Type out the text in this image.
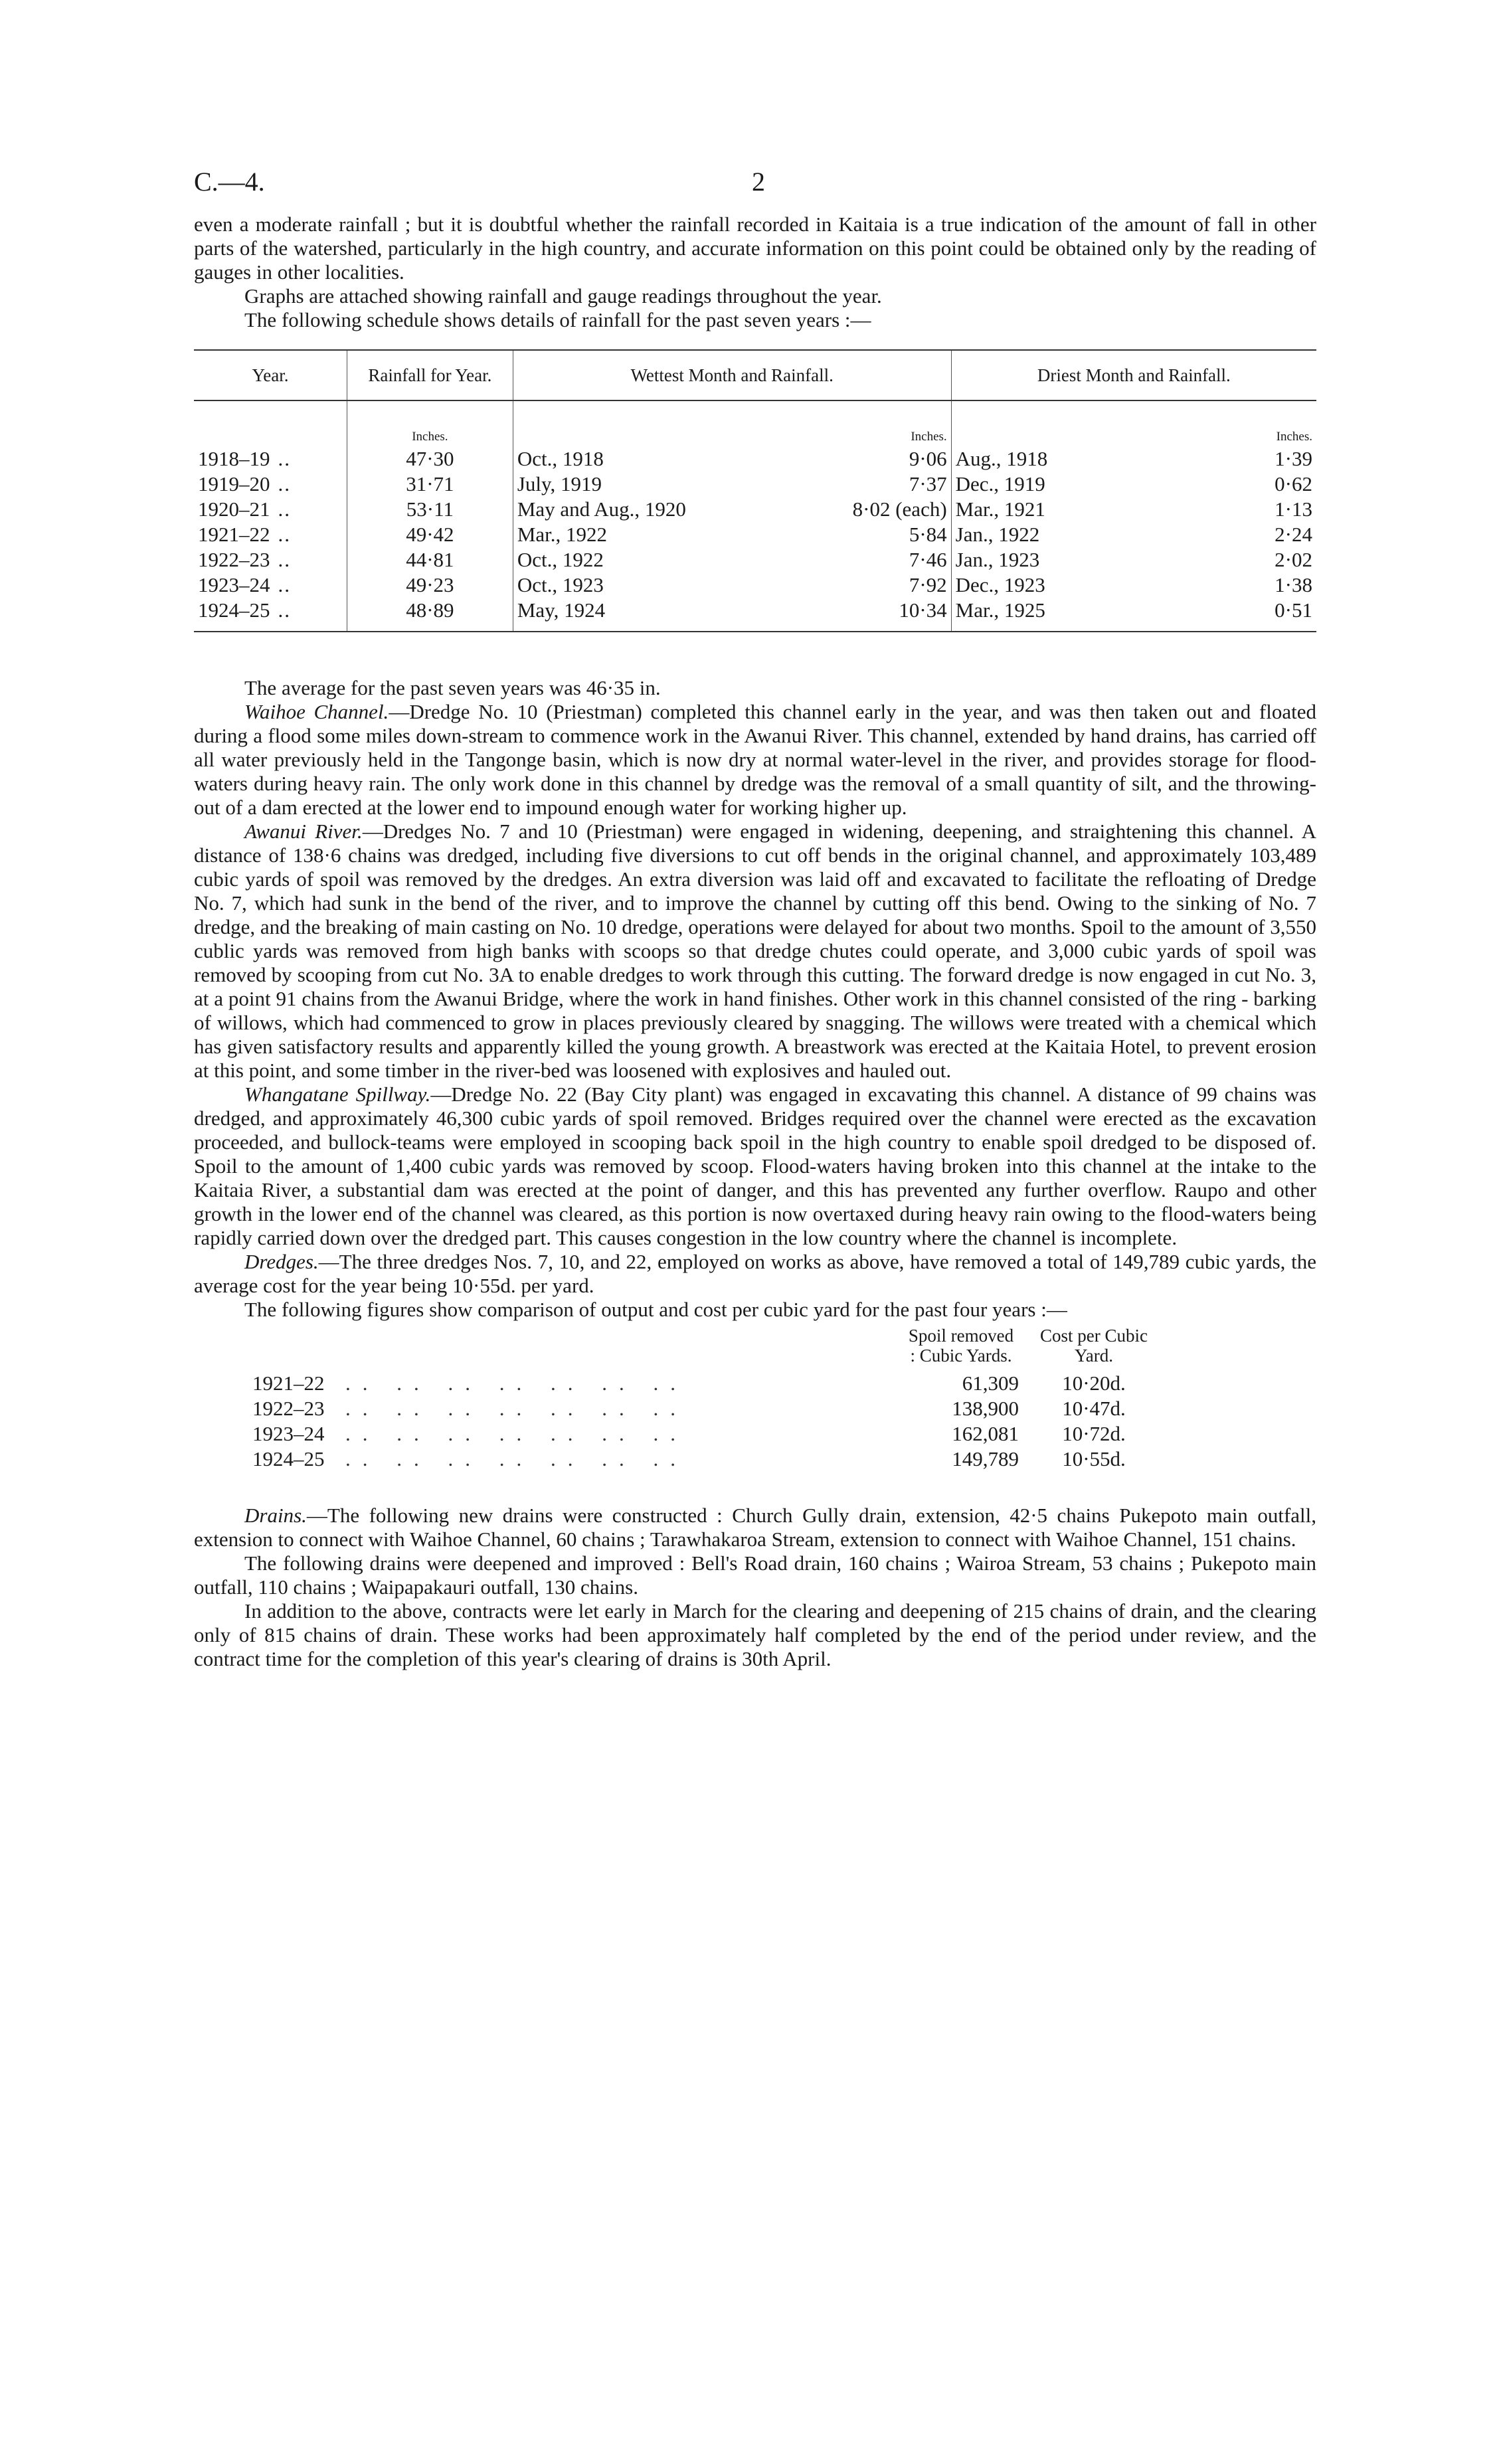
C.—4.	2

even a moderate rainfall ; but it is doubtful whether the rainfall recorded in Kaitaia is a true indication of the amount of fall in other parts of the watershed, particularly in the high country, and accurate information on this point could be obtained only by the reading of gauges in other localities.

Graphs are attached showing rainfall and gauge readings throughout the year.

The following schedule shows details of rainfall for the past seven years :—

Year.		Rainfall for Year.	Wettest Month and Rainfall.		Driest Month and Rainfall.	
		Inches.		Inches.		Inches.
1918–19	..	47·30	Oct., 1918	9·06	Aug., 1918	1·39
1919–20	..	31·71	July, 1919	7·37	Dec., 1919	0·62
1920–21	..	53·11	May and Aug., 1920	8·02 (each)	Mar., 1921	1·13
1921–22	..	49·42	Mar., 1922	5·84	Jan., 1922	2·24
1922–23	..	44·81	Oct., 1922	7·46	Jan., 1923	2·02
1923–24	..	49·23	Oct., 1923	7·92	Dec., 1923	1·38
1924–25	..	48·89	May, 1924	10·34	Mar., 1925	0·51

The average for the past seven years was 46·35 in.

Waihoe Channel.—Dredge No. 10 (Priestman) completed this channel early in the year, and was then taken out and floated during a flood some miles down-stream to commence work in the Awanui River. This channel, extended by hand drains, has carried off all water previously held in the Tangonge basin, which is now dry at normal water-level in the river, and provides storage for flood-waters during heavy rain. The only work done in this channel by dredge was the removal of a small quantity of silt, and the throwing-out of a dam erected at the lower end to impound enough water for working higher up.

Awanui River.—Dredges No. 7 and 10 (Priestman) were engaged in widening, deepening, and straightening this channel. A distance of 138·6 chains was dredged, including five diversions to cut off bends in the original channel, and approximately 103,489 cubic yards of spoil was removed by the dredges. An extra diversion was laid off and excavated to facilitate the refloating of Dredge No. 7, which had sunk in the bend of the river, and to improve the channel by cutting off this bend. Owing to the sinking of No. 7 dredge, and the breaking of main casting on No. 10 dredge, operations were delayed for about two months. Spoil to the amount of 3,550 cublic yards was removed from high banks with scoops so that dredge chutes could operate, and 3,000 cubic yards of spoil was removed by scooping from cut No. 3A to enable dredges to work through this cutting. The forward dredge is now engaged in cut No. 3, at a point 91 chains from the Awanui Bridge, where the work in hand finishes. Other work in this channel consisted of the ring - barking of willows, which had commenced to grow in places previously cleared by snagging. The willows were treated with a chemical which has given satisfactory results and apparently killed the young growth. A breastwork was erected at the Kaitaia Hotel, to prevent erosion at this point, and some timber in the river-bed was loosened with explosives and hauled out.

Whangatane Spillway.—Dredge No. 22 (Bay City plant) was engaged in excavating this channel. A distance of 99 chains was dredged, and approximately 46,300 cubic yards of spoil removed. Bridges required over the channel were erected as the excavation proceeded, and bullock-teams were employed in scooping back spoil in the high country to enable spoil dredged to be disposed of. Spoil to the amount of 1,400 cubic yards was removed by scoop. Flood-waters having broken into this channel at the intake to the Kaitaia River, a substantial dam was erected at the point of danger, and this has prevented any further overflow. Raupo and other growth in the lower end of the channel was cleared, as this portion is now overtaxed during heavy rain owing to the flood-waters being rapidly carried down over the dredged part. This causes congestion in the low country where the channel is incomplete.

Dredges.—The three dredges Nos. 7, 10, and 22, employed on works as above, have removed a total of 149,789 cubic yards, the average cost for the year being 10·55d. per yard.

The following figures show comparison of output and cost per cubic yard for the past four years :—

		Spoil removed : Cubic Yards.	Cost per Cubic Yard.
1921–22	.. .. .. .. .. .. ..	61,309	10·20d.
1922–23	.. .. .. .. .. .. ..	138,900	10·47d.
1923–24	.. .. .. .. .. .. ..	162,081	10·72d.
1924–25	.. .. .. .. .. .. ..	149,789	10·55d.

Drains.—The following new drains were constructed : Church Gully drain, extension, 42·5 chains Pukepoto main outfall, extension to connect with Waihoe Channel, 60 chains ; Tarawhakaroa Stream, extension to connect with Waihoe Channel, 151 chains.

The following drains were deepened and improved : Bell's Road drain, 160 chains ; Wairoa Stream, 53 chains ; Pukepoto main outfall, 110 chains ; Waipapakauri outfall, 130 chains.

In addition to the above, contracts were let early in March for the clearing and deepening of 215 chains of drain, and the clearing only of 815 chains of drain. These works had been approximately half completed by the end of the period under review, and the contract time for the completion of this year's clearing of drains is 30th April.
